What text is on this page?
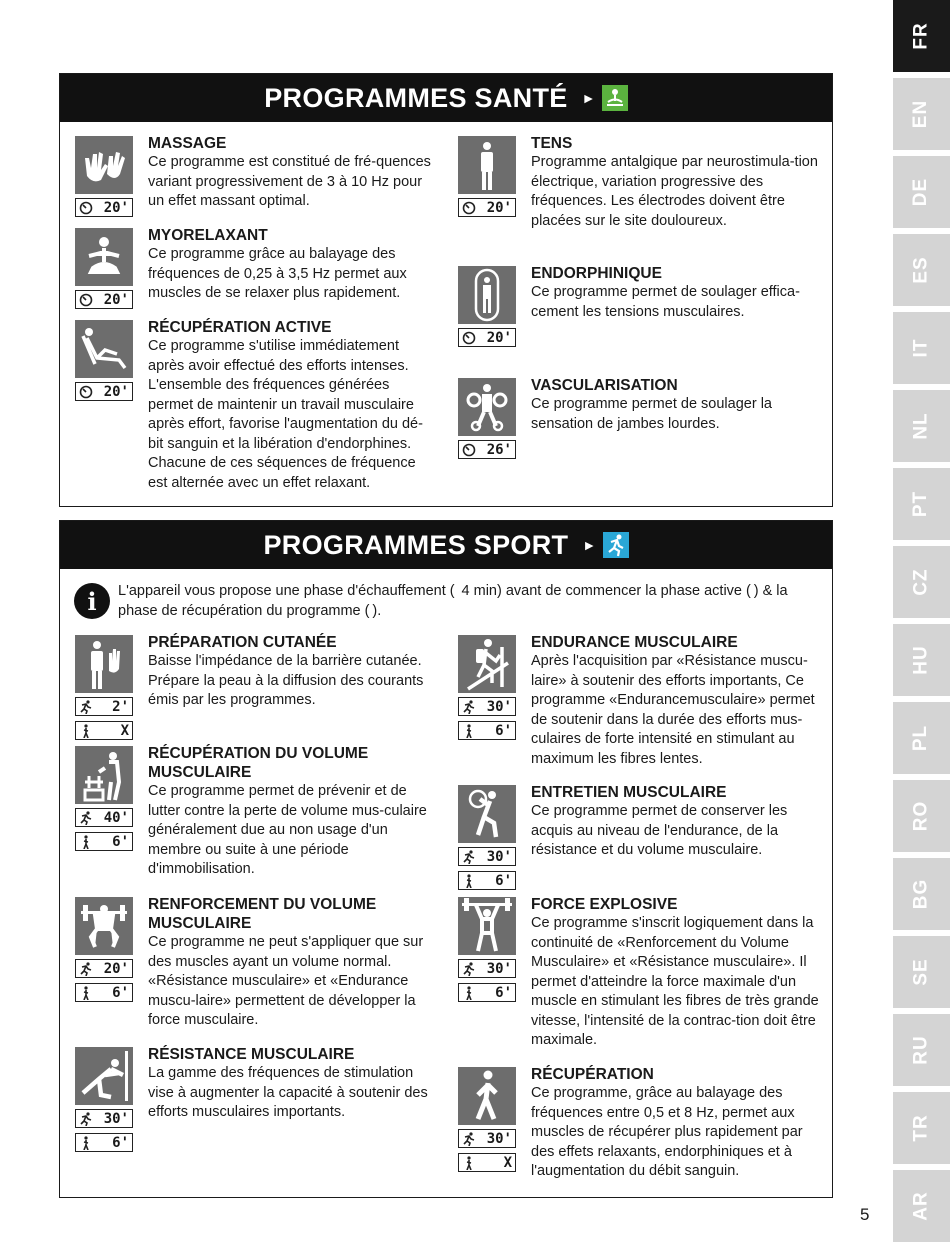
FR
EN
DE
ES
IT
NL
PT
CZ
HU
PL
RO
BG
SE
RU
TR
AR
5
PROGRAMMES SANTÉ ►
20'
MASSAGE

Ce programme est constitué de fré-quences variant progressivement de 3 à 10 Hz pour un effet massant optimal.

20'
MYORELAXANT

Ce programme grâce au balayage des fréquences de 0,25 à 3,5 Hz permet aux muscles de se relaxer plus rapidement.

20'
RÉCUPÉRATION ACTIVE

Ce programme s'utilise immédiatement après avoir effectué des efforts intenses. L'ensemble des fréquences générées permet de maintenir un travail musculaire après effort, favorise l'augmentation du dé-bit sanguin et la libération d'endorphines. Chacune de ces séquences de fréquence est alternée avec un effet relaxant.

20'
TENS

Programme antalgique par neurostimula-tion électrique, variation progressive des fréquences. Les électrodes doivent être placées sur le site douloureux.

20'
ENDORPHINIQUE

Ce programme permet de soulager effica-cement les tensions musculaires.

26'
VASCULARISATION

Ce programme permet de soulager la sensation de jambes lourdes.

PROGRAMMES SPORT ►
i	L'appareil vous propose une phase d'échauffement (  4 min) avant de commencer la phase active ( ) & la phase de récupération du programme ( ).

2'
X
PRÉPARATION CUTANÉE

Baisse l'impédance de la barrière cutanée. Prépare la peau à la diffusion des courants émis par les programmes.

40'
6'
RÉCUPÉRATION DU VOLUME MUSCULAIRE

Ce programme permet de prévenir et de lutter contre la perte de volume mus-culaire généralement due au non usage d'un membre ou suite à une période d'immobilisation.

20'
6'
RENFORCEMENT DU VOLUME MUSCULAIRE

Ce programme ne peut s'appliquer que sur des muscles ayant un volume normal. «Résistance musculaire» et «Endurance muscu-laire» permettent de développer la force musculaire.

30'
6'
RÉSISTANCE MUSCULAIRE

La gamme des fréquences de stimulation vise à augmenter la capacité à soutenir des efforts musculaires importants.

30'
6'
ENDURANCE MUSCULAIRE

Après l'acquisition par «Résistance muscu-laire» à soutenir des efforts importants, Ce programme «Endurancemusculaire» permet de soutenir dans la durée des efforts mus-culaires de forte intensité en stimulant au maximum les fibres lentes.

30'
6'
ENTRETIEN MUSCULAIRE

Ce programme permet de conserver les acquis au niveau de l'endurance, de la résistance et du volume musculaire.

30'
6'
FORCE EXPLOSIVE

Ce programme s'inscrit logiquement dans la continuité de «Renforcement du Volume Musculaire» et «Résistance musculaire». Il permet d'atteindre la force maximale d'un muscle en stimulant les fibres de très grande vitesse, l'intensité de la contrac-tion doit être maximale.

30'
X
RÉCUPÉRATION

Ce programme, grâce au balayage des fréquences entre 0,5 et 8 Hz, permet aux muscles de récupérer plus rapidement par des effets relaxants, endorphiniques et à l'augmentation du débit sanguin.
